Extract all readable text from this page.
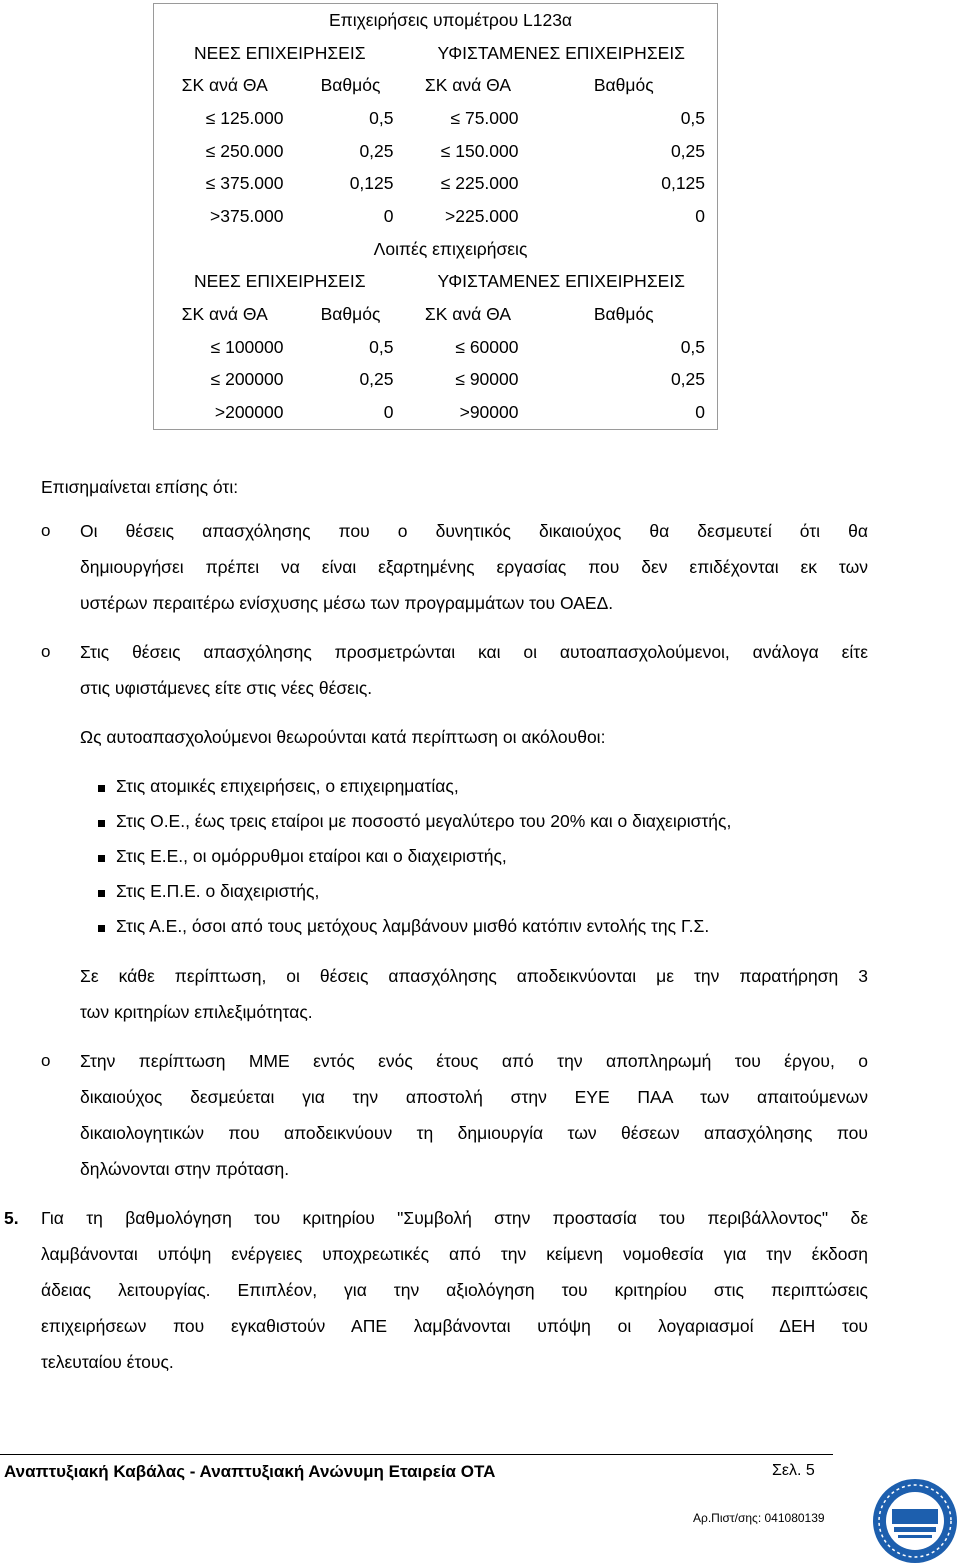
Επιχειρήσεις υπομέτρου L123α			
ΝΕΕΣ ΕΠΙΧΕΙΡΗΣΕΙΣ		ΥΦΙΣΤΑΜΕΝΕΣ ΕΠΙΧΕΙΡΗΣΕΙΣ	
ΣΚ ανά ΘΑ	Βαθμός	ΣΚ ανά ΘΑ	Βαθμός
≤ 125.000	0,5	≤ 75.000	0,5
≤ 250.000	0,25	≤ 150.000	0,25
≤ 375.000	0,125	≤ 225.000	0,125
>375.000	0	>225.000	0
Λοιπές επιχειρήσεις			
ΝΕΕΣ ΕΠΙΧΕΙΡΗΣΕΙΣ		ΥΦΙΣΤΑΜΕΝΕΣ ΕΠΙΧΕΙΡΗΣΕΙΣ	
ΣΚ ανά ΘΑ	Βαθμός	ΣΚ ανά ΘΑ	Βαθμός
≤ 100000	0,5	≤ 60000	0,5
≤ 200000	0,25	≤ 90000	0,25
>200000	0	>90000	0
Επισημαίνεται επίσης ότι:
o Οι θέσεις απασχόλησης που ο δυνητικός δικαιούχος θα δεσμευτεί ότι θα
δημιουργήσει πρέπει να είναι εξαρτημένης εργασίας που δεν επιδέχονται εκ των
υστέρων περαιτέρω ενίσχυσης μέσω των προγραμμάτων του ΟΑΕΔ.
o Στις θέσεις απασχόλησης προσμετρώνται και οι αυτοαπασχολούμενοι, ανάλογα είτε
στις υφιστάμενες είτε στις νέες θέσεις.
Ως αυτοαπασχολούμενοι θεωρούνται κατά περίπτωση οι ακόλουθοι:
Στις ατομικές επιχειρήσεις, ο επιχειρηματίας,
Στις Ο.Ε., έως τρεις εταίροι με ποσοστό μεγαλύτερο του 20% και ο διαχειριστής,
Στις Ε.Ε., οι ομόρρυθμοι εταίροι και ο διαχειριστής,
Στις Ε.Π.Ε. ο διαχειριστής,
Στις Α.Ε., όσοι από τους μετόχους λαμβάνουν μισθό κατόπιν εντολής της Γ.Σ.
Σε κάθε περίπτωση, οι θέσεις απασχόλησης αποδεικνύονται με την παρατήρηση 3
των κριτηρίων επιλεξιμότητας.
o Στην περίπτωση ΜΜΕ εντός ενός έτους από την αποπληρωμή του έργου, ο
δικαιούχος δεσμεύεται για την αποστολή στην ΕΥΕ ΠΑΑ των απαιτούμενων
δικαιολογητικών που αποδεικνύουν τη δημιουργία των θέσεων απασχόλησης που
δηλώνονται στην πρόταση.
5. Για τη βαθμολόγηση του κριτηρίου "Συμβολή στην προστασία του περιβάλλοντος" δε
λαμβάνονται υπόψη ενέργειες υποχρεωτικές από την κείμενη νομοθεσία για την έκδοση
άδειας λειτουργίας. Επιπλέον, για την αξιολόγηση του κριτηρίου στις περιπτώσεις
επιχειρήσεων που εγκαθιστούν ΑΠΕ λαμβάνονται υπόψη οι λογαριασμοί ΔΕΗ του
τελευταίου έτους.
Αναπτυξιακή Καβάλας - Αναπτυξιακή Ανώνυμη Εταιρεία ΟΤΑ	Σελ. 5
Αρ.Πιστ/σης: 041080139
